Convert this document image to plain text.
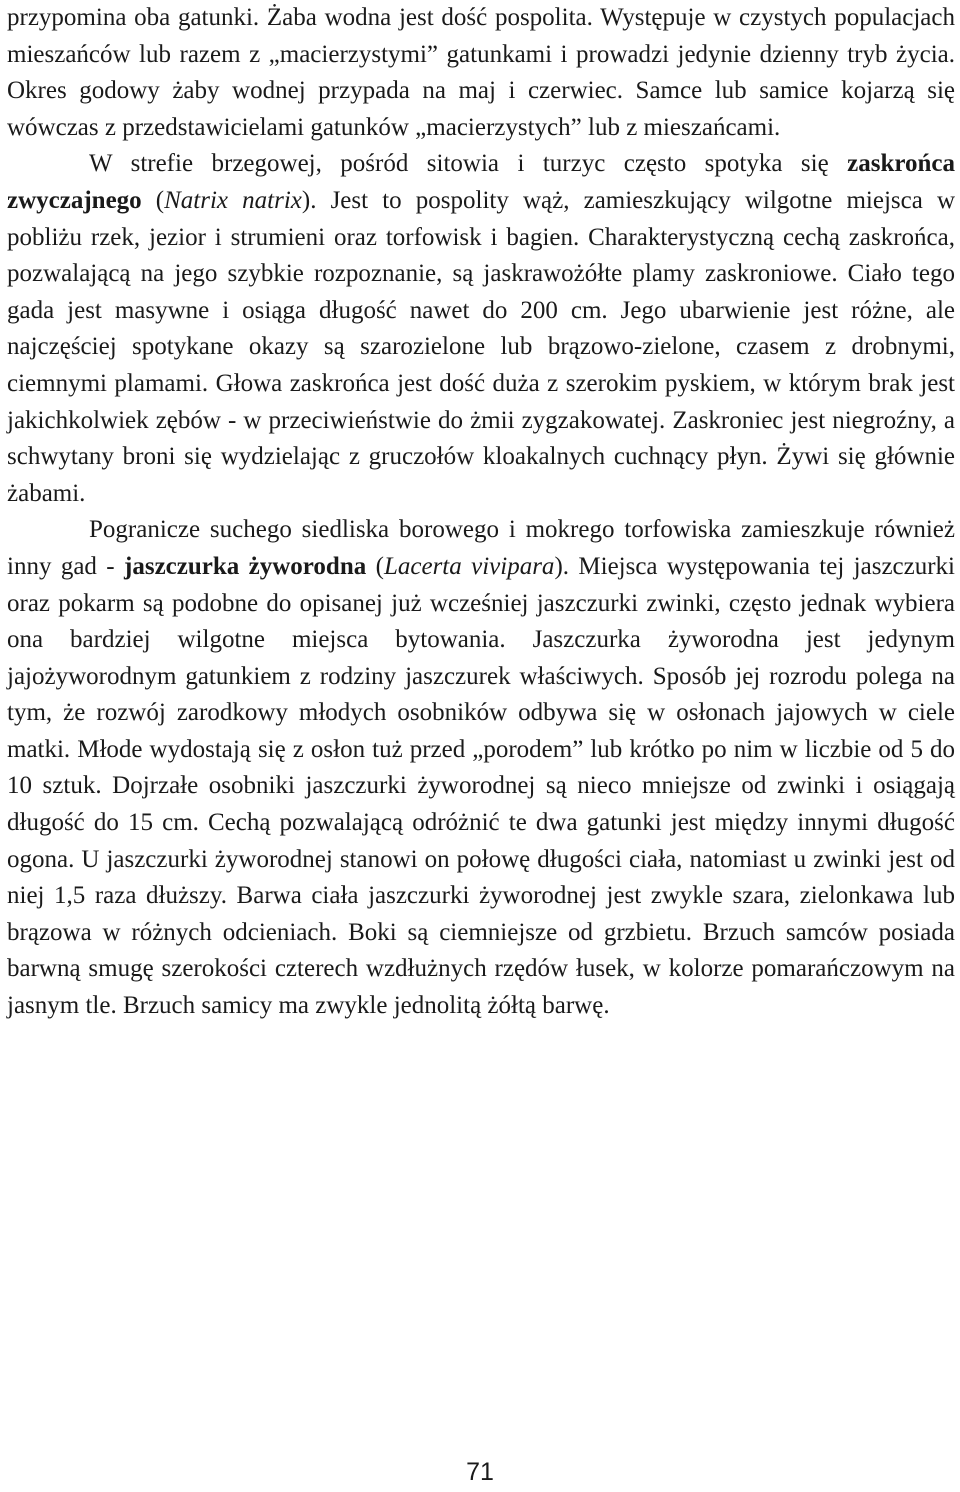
przypomina oba gatunki. Żaba wodna jest dość pospolita. Występuje w czystych populacjach mieszańców lub razem z „macierzystymi” gatunkami i prowadzi jedynie dzienny tryb życia. Okres godowy żaby wodnej przypada na maj i czerwiec. Samce lub samice kojarzą się wówczas z przedstawicielami gatunków „macierzystych” lub z mieszańcami.

W strefie brzegowej, pośród sitowia i turzyc często spotyka się zaskrońca zwyczajnego (Natrix natrix). Jest to pospolity wąż, zamieszkujący wilgotne miejsca w pobliżu rzek, jezior i strumieni oraz torfowisk i bagien. Charakterystyczną cechą zaskrońca, pozwalającą na jego szybkie rozpoznanie, są jaskrawożółte plamy zaskroniowe. Ciało tego gada jest masywne i osiąga długość nawet do 200 cm. Jego ubarwienie jest różne, ale najczęściej spotykane okazy są szarozielone lub brązowo-zielone, czasem z drobnymi, ciemnymi plamami. Głowa zaskrońca jest dość duża z szerokim pyskiem, w którym brak jest jakichkolwiek zębów - w przeciwieństwie do żmii zygzakowatej. Zaskroniec jest niegroźny, a schwytany broni się wydzielając z gruczołów kloakalnych cuchnący płyn. Żywi się głównie żabami.

Pogranicze suchego siedliska borowego i mokrego torfowiska zamieszkuje również inny gad - jaszczurka żyworodna (Lacerta vivipara). Miejsca występowania tej jaszczurki oraz pokarm są podobne do opisanej już wcześniej jaszczurki zwinki, często jednak wybiera ona bardziej wilgotne miejsca bytowania. Jaszczurka żyworodna jest jedynym jajożyworodnym gatunkiem z rodziny jaszczurek właściwych. Sposób jej rozrodu polega na tym, że rozwój zarodkowy młodych osobników odbywa się w osłonach jajowych w ciele matki. Młode wydostają się z osłon tuż przed „porodem” lub krótko po nim w liczbie od 5 do 10 sztuk. Dojrzałe osobniki jaszczurki żyworodnej są nieco mniejsze od zwinki i osiągają długość do 15 cm. Cechą pozwalającą odróżnić te dwa gatunki jest między innymi długość ogona. U jaszczurki żyworodnej stanowi on połowę długości ciała, natomiast u zwinki jest od niej 1,5 raza dłuższy. Barwa ciała jaszczurki żyworodnej jest zwykle szara, zielonkawa lub brązowa w różnych odcieniach. Boki są ciemniejsze od grzbietu. Brzuch samców posiada barwną smugę szerokości czterech wzdłużnych rzędów łusek, w kolorze pomarańczowym na jasnym tle. Brzuch samicy ma zwykle jednolitą żółtą barwę.

71
